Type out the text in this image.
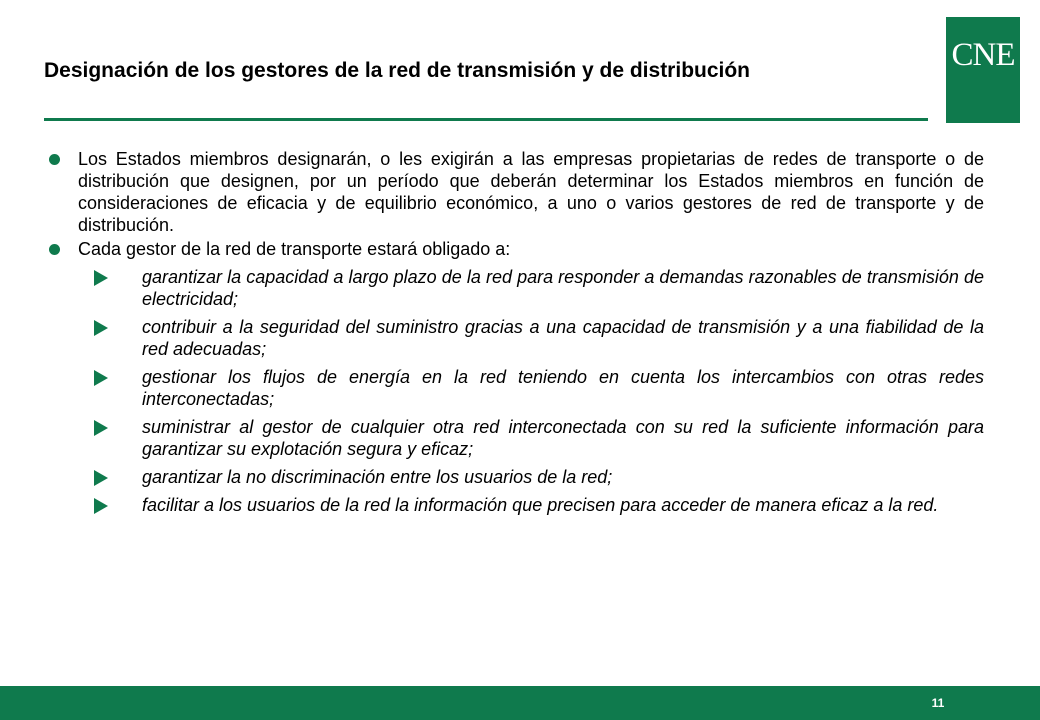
Designación de los gestores de la red de transmisión y de distribución	CNE
Los Estados miembros designarán, o les exigirán a las empresas propietarias de redes de transporte o de distribución que designen, por un período que deberán determinar los Estados miembros en función de consideraciones de eficacia y de equilibrio económico, a uno o varios gestores de red de transporte y de distribución.
Cada gestor de la red de transporte estará obligado a:
garantizar la capacidad a largo plazo de la red para responder a demandas razonables de transmisión de electricidad;
contribuir a la seguridad del suministro gracias a una capacidad de transmisión y a una fiabilidad de la red adecuadas;
gestionar los flujos de energía en la red teniendo en cuenta los intercambios con otras redes interconectadas;
suministrar al gestor de cualquier otra red interconectada con su red la suficiente información para garantizar su explotación segura y eficaz;
garantizar la no discriminación entre los usuarios de la red;
facilitar a los usuarios de la red la información que precisen para acceder de manera eficaz a la red.
11
